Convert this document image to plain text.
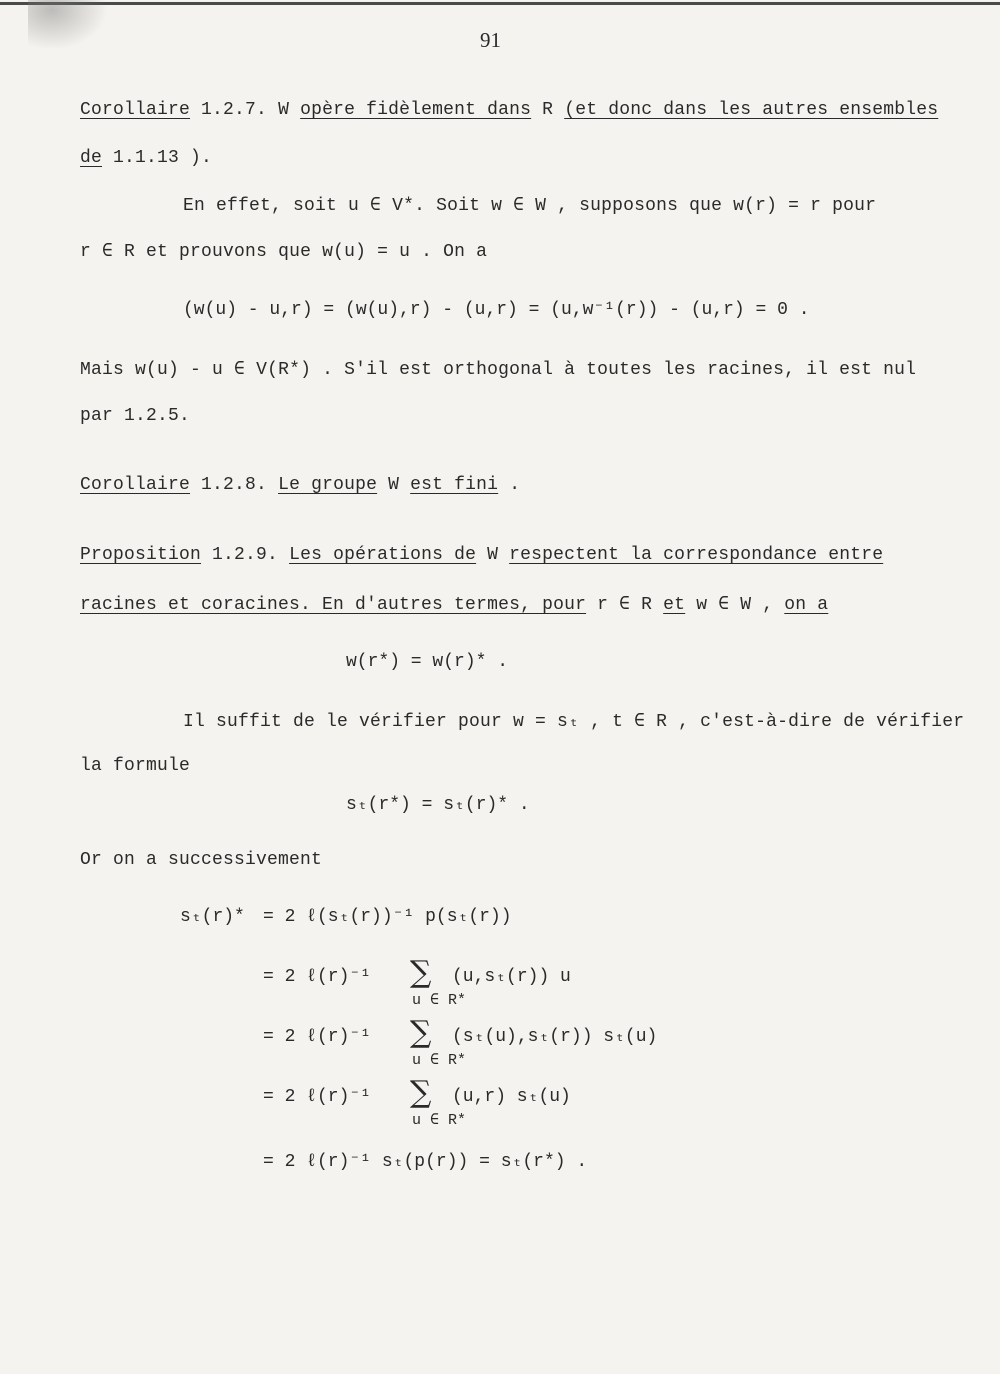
91
Corollaire 1.2.7. W opère fidèlement dans R (et donc dans les autres ensembles
de 1.1.13 ).
En effet, soit u ∈ V*. Soit w ∈ W , supposons que w(r) = r pour
r ∈ R et prouvons que w(u) = u . On a
(w(u) - u,r) = (w(u),r) - (u,r) = (u,w⁻¹(r)) - (u,r) = 0 .
Mais w(u) - u ∈ V(R*) . S'il est orthogonal à toutes les racines, il est nul
par 1.2.5.
Corollaire 1.2.8. Le groupe W est fini .
Proposition 1.2.9. Les opérations de W respectent la correspondance entre
racines et coracines. En d'autres termes, pour r ∈ R et w ∈ W , on a
w(r*) = w(r)* .
Il suffit de le vérifier pour w = sₜ , t ∈ R , c'est-à-dire de vérifier
la formule
sₜ(r*) = sₜ(r)* .
Or on a successivement
sₜ(r)* = 2 ℓ(sₜ(r))⁻¹ p(sₜ(r))
= 2 ℓ(r)⁻¹ ∑ (u,sₜ(r)) u
u ∈ R*
= 2 ℓ(r)⁻¹ ∑ (sₜ(u),sₜ(r)) sₜ(u)
u ∈ R*
= 2 ℓ(r)⁻¹ ∑ (u,r) sₜ(u)
u ∈ R*
= 2 ℓ(r)⁻¹ sₜ(p(r)) = sₜ(r*) .
